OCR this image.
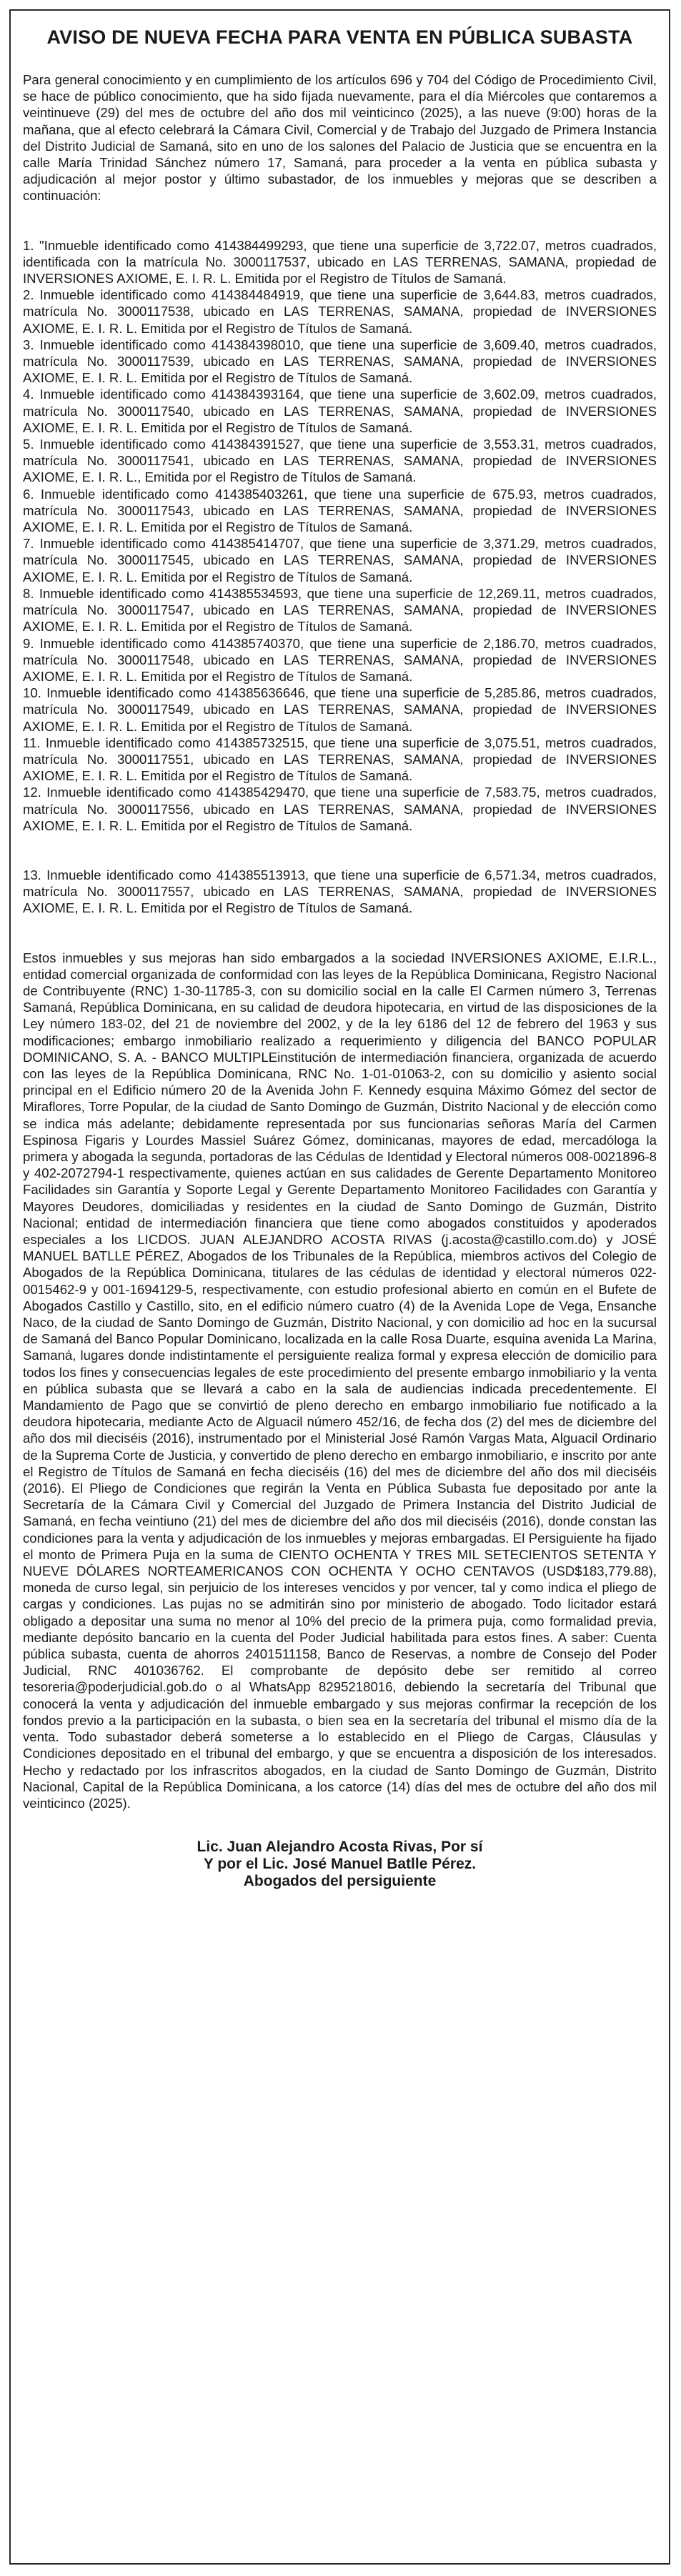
AVISO DE NUEVA FECHA PARA VENTA EN PÚBLICA SUBASTA

Para general conocimiento y en cumplimiento de los artículos 696 y 704 del Código de Procedimiento Civil, se hace de público conocimiento, que ha sido fijada nuevamente, para el día Miércoles que contaremos a veintinueve (29) del mes de octubre del año dos mil veinticinco (2025), a las nueve (9:00) horas de la mañana, que al efecto celebrará la Cámara Civil, Comercial y de Trabajo del Juzgado de Primera Instancia del Distrito Judicial de Samaná, sito en uno de los salones del Palacio de Justicia que se encuentra en la calle María Trinidad Sánchez número 17, Samaná, para proceder a la venta en pública subasta y adjudicación al mejor postor y último subastador, de los inmuebles y mejoras que se describen a continuación:

1. "Inmueble identificado como 414384499293, que tiene una superficie de 3,722.07, metros cuadrados, identificada con la matrícula No. 3000117537, ubicado en LAS TERRENAS, SAMANA, propiedad de INVERSIONES AXIOME, E. I. R. L. Emitida por el Registro de Títulos de Samaná.
2. Inmueble identificado como 414384484919, que tiene una superficie de 3,644.83, metros cuadrados, matrícula No. 3000117538, ubicado en LAS TERRENAS, SAMANA, propiedad de INVERSIONES AXIOME, E. I. R. L. Emitida por el Registro de Títulos de Samaná.
3. Inmueble identificado como 414384398010, que tiene una superficie de 3,609.40, metros cuadrados, matrícula No. 3000117539, ubicado en LAS TERRENAS, SAMANA, propiedad de INVERSIONES AXIOME, E. I. R. L. Emitida por el Registro de Títulos de Samaná.
4. Inmueble identificado como 414384393164, que tiene una superficie de 3,602.09, metros cuadrados, matrícula No. 3000117540, ubicado en LAS TERRENAS, SAMANA, propiedad de INVERSIONES AXIOME, E. I. R. L. Emitida por el Registro de Títulos de Samaná.
5. Inmueble identificado como 414384391527, que tiene una superficie de 3,553.31, metros cuadrados, matrícula No. 3000117541, ubicado en LAS TERRENAS, SAMANA, propiedad de INVERSIONES AXIOME, E. I. R. L., Emitida por el Registro de Títulos de Samaná.
6. Inmueble identificado como 414385403261, que tiene una superficie de 675.93, metros cuadrados, matrícula No. 3000117543, ubicado en LAS TERRENAS, SAMANA, propiedad de INVERSIONES AXIOME, E. I. R. L. Emitida por el Registro de Títulos de Samaná.
7. Inmueble identificado como 414385414707, que tiene una superficie de 3,371.29, metros cuadrados, matrícula No. 3000117545, ubicado en LAS TERRENAS, SAMANA, propiedad de INVERSIONES AXIOME, E. I. R. L. Emitida por el Registro de Títulos de Samaná.
8. Inmueble identificado como 414385534593, que tiene una superficie de 12,269.11, metros cuadrados, matrícula No. 3000117547, ubicado en LAS TERRENAS, SAMANA, propiedad de INVERSIONES AXIOME, E. I. R. L. Emitida por el Registro de Títulos de Samaná.
9. Inmueble identificado como 414385740370, que tiene una superficie de 2,186.70, metros cuadrados, matrícula No. 3000117548, ubicado en LAS TERRENAS, SAMANA, propiedad de INVERSIONES AXIOME, E. I. R. L. Emitida por el Registro de Títulos de Samaná.
10. Inmueble identificado como 414385636646, que tiene una superficie de 5,285.86, metros cuadrados, matrícula No. 3000117549, ubicado en LAS TERRENAS, SAMANA, propiedad de INVERSIONES AXIOME, E. I. R. L. Emitida por el Registro de Títulos de Samaná.
11. Inmueble identificado como 414385732515, que tiene una superficie de 3,075.51, metros cuadrados, matrícula No. 3000117551, ubicado en LAS TERRENAS, SAMANA, propiedad de INVERSIONES AXIOME, E. I. R. L. Emitida por el Registro de Títulos de Samaná.
12. Inmueble identificado como 414385429470, que tiene una superficie de 7,583.75, metros cuadrados, matrícula No. 3000117556, ubicado en LAS TERRENAS, SAMANA, propiedad de INVERSIONES AXIOME, E. I. R. L. Emitida por el Registro de Títulos de Samaná.
13. Inmueble identificado como 414385513913, que tiene una superficie de 6,571.34, metros cuadrados, matrícula No. 3000117557, ubicado en LAS TERRENAS, SAMANA, propiedad de INVERSIONES AXIOME, E. I. R. L. Emitida por el Registro de Títulos de Samaná.

Estos inmuebles y sus mejoras han sido embargados a la sociedad INVERSIONES AXIOME, E.I.R.L., entidad comercial organizada de conformidad con las leyes de la República Dominicana, Registro Nacional de Contribuyente (RNC) 1-30-11785-3, con su domicilio social en la calle El Carmen número 3, Terrenas Samaná, República Dominicana, en su calidad de deudora hipotecaria, en virtud de las disposiciones de la Ley número 183-02, del 21 de noviembre del 2002, y de la ley 6186 del 12 de febrero del 1963 y sus modificaciones; embargo inmobiliario realizado a requerimiento y diligencia del BANCO POPULAR DOMINICANO, S. A. - BANCO MULTIPLEinstitución de intermediación financiera, organizada de acuerdo con las leyes de la República Dominicana, RNC No. 1-01-01063-2, con su domicilio y asiento social principal en el Edificio número 20 de la Avenida John F. Kennedy esquina Máximo Gómez del sector de Miraflores, Torre Popular, de la ciudad de Santo Domingo de Guzmán, Distrito Nacional y de elección como se indica más adelante; debidamente representada por sus funcionarias señoras María del Carmen Espinosa Figaris y Lourdes Massiel Suárez Gómez, dominicanas, mayores de edad, mercadóloga la primera y abogada la segunda, portadoras de las Cédulas de Identidad y Electoral números 008-0021896-8 y 402-2072794-1 respectivamente, quienes actúan en sus calidades de Gerente Departamento Monitoreo Facilidades sin Garantía y Soporte Legal y Gerente Departamento Monitoreo Facilidades con Garantía y Mayores Deudores, domiciliadas y residentes en la ciudad de Santo Domingo de Guzmán, Distrito Nacional; entidad de intermediación financiera que tiene como abogados constituidos y apoderados especiales a los LICDOS. JUAN ALEJANDRO ACOSTA RIVAS (j.acosta@castillo.com.do) y JOSÉ MANUEL BATLLE PÉREZ, Abogados de los Tribunales de la República, miembros activos del Colegio de Abogados de la República Dominicana, titulares de las cédulas de identidad y electoral números 022-0015462-9 y 001-1694129-5, respectivamente, con estudio profesional abierto en común en el Bufete de Abogados Castillo y Castillo, sito, en el edificio número cuatro (4) de la Avenida Lope de Vega, Ensanche Naco, de la ciudad de Santo Domingo de Guzmán, Distrito Nacional, y con domicilio ad hoc en la sucursal de Samaná del Banco Popular Dominicano, localizada en la calle Rosa Duarte, esquina avenida La Marina, Samaná, lugares donde indistintamente el persiguiente realiza formal y expresa elección de domicilio para todos los fines y consecuencias legales de este procedimiento del presente embargo inmobiliario y la venta en pública subasta que se llevará a cabo en la sala de audiencias indicada precedentemente. El Mandamiento de Pago que se convirtió de pleno derecho en embargo inmobiliario fue notificado a la deudora hipotecaria, mediante Acto de Alguacil número 452/16, de fecha dos (2) del mes de diciembre del año dos mil dieciséis (2016), instrumentado por el Ministerial José Ramón Vargas Mata, Alguacil Ordinario de la Suprema Corte de Justicia, y convertido de pleno derecho en embargo inmobiliario, e inscrito por ante el Registro de Títulos de Samaná en fecha dieciséis (16) del mes de diciembre del año dos mil dieciséis (2016). El Pliego de Condiciones que regirán la Venta en Pública Subasta fue depositado por ante la Secretaría de la Cámara Civil y Comercial del Juzgado de Primera Instancia del Distrito Judicial de Samaná, en fecha veintiuno (21) del mes de diciembre del año dos mil dieciséis (2016), donde constan las condiciones para la venta y adjudicación de los inmuebles y mejoras embargadas. El Persiguiente ha fijado el monto de Primera Puja en la suma de CIENTO OCHENTA Y TRES MIL SETECIENTOS SETENTA Y NUEVE DÓLARES NORTEAMERICANOS CON OCHENTA Y OCHO CENTAVOS (USD$183,779.88), moneda de curso legal, sin perjuicio de los intereses vencidos y por vencer, tal y como indica el pliego de cargas y condiciones. Las pujas no se admitirán sino por ministerio de abogado. Todo licitador estará obligado a depositar una suma no menor al 10% del precio de la primera puja, como formalidad previa, mediante depósito bancario en la cuenta del Poder Judicial habilitada para estos fines. A saber: Cuenta pública subasta, cuenta de ahorros 2401511158, Banco de Reservas, a nombre de Consejo del Poder Judicial, RNC 401036762. El comprobante de depósito debe ser remitido al correo tesoreria@poderjudicial.gob.do o al WhatsApp 8295218016, debiendo la secretaría del Tribunal que conocerá la venta y adjudicación del inmueble embargado y sus mejoras confirmar la recepción de los fondos previo a la participación en la subasta, o bien sea en la secretaría del tribunal el mismo día de la venta. Todo subastador deberá someterse a lo establecido en el Pliego de Cargas, Cláusulas y Condiciones depositado en el tribunal del embargo, y que se encuentra a disposición de los interesados. Hecho y redactado por los infrascritos abogados, en la ciudad de Santo Domingo de Guzmán, Distrito Nacional, Capital de la República Dominicana, a los catorce (14) días del mes de octubre del año dos mil veinticinco (2025).

Lic. Juan Alejandro Acosta Rivas, Por sí
Y por el Lic. José Manuel Batlle Pérez.
Abogados del persiguiente
